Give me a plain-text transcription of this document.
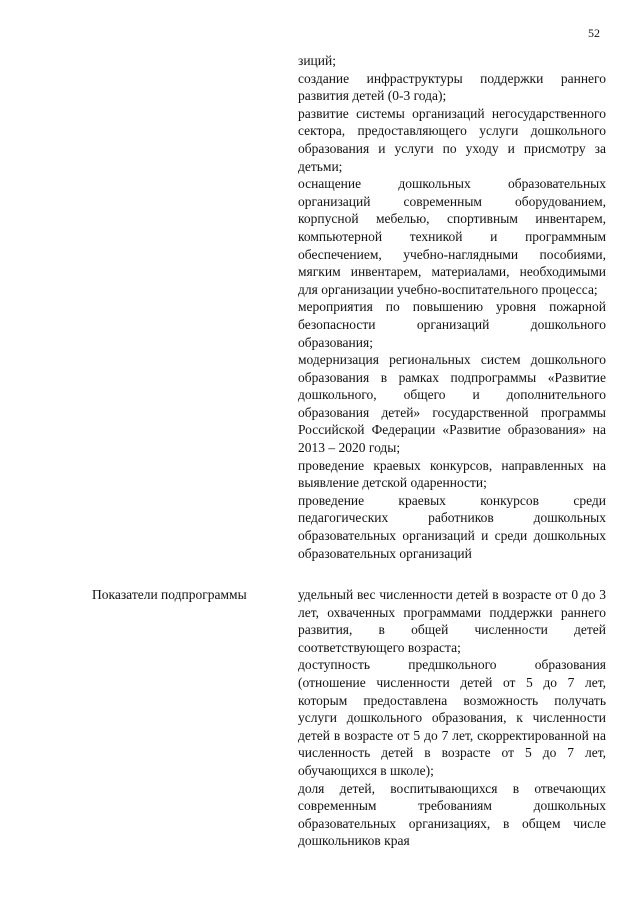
52
зиций;
создание инфраструктуры поддержки раннего развития детей (0-3 года);
развитие системы организаций негосударственного сектора, предоставляющего услуги дошкольного образования и услуги по уходу и присмотру за детьми;
оснащение дошкольных образовательных организаций современным оборудованием, корпусной мебелью, спортивным инвентарем, компьютерной техникой и программным обеспечением, учебно-наглядными пособиями, мягким инвентарем, материалами, необходимыми для организации учебно-воспитательного процесса;
мероприятия по повышению уровня пожарной безопасности организаций дошкольного образования;
модернизация региональных систем дошкольного образования в рамках подпрограммы «Развитие дошкольного, общего и дополнительного образования детей» государственной программы Российской Федерации «Развитие образования» на 2013 – 2020 годы;
проведение краевых конкурсов, направленных на выявление детской одаренности;
проведение краевых конкурсов среди педагогических работников дошкольных образовательных организаций и среди дошкольных образовательных организаций
Показатели подпрограммы	удельный вес численности детей в возрасте от 0 до 3 лет, охваченных программами поддержки раннего развития, в общей численности детей соответствующего возраста;
доступность предшкольного образования (отношение численности детей от 5 до 7 лет, которым предоставлена возможность получать услуги дошкольного образования, к численности детей в возрасте от 5 до 7 лет, скорректированной на численность детей в возрасте от 5 до 7 лет, обучающихся в школе);
доля детей, воспитывающихся в отвечающих современным требованиям дошкольных образовательных организациях, в общем числе дошкольников края
